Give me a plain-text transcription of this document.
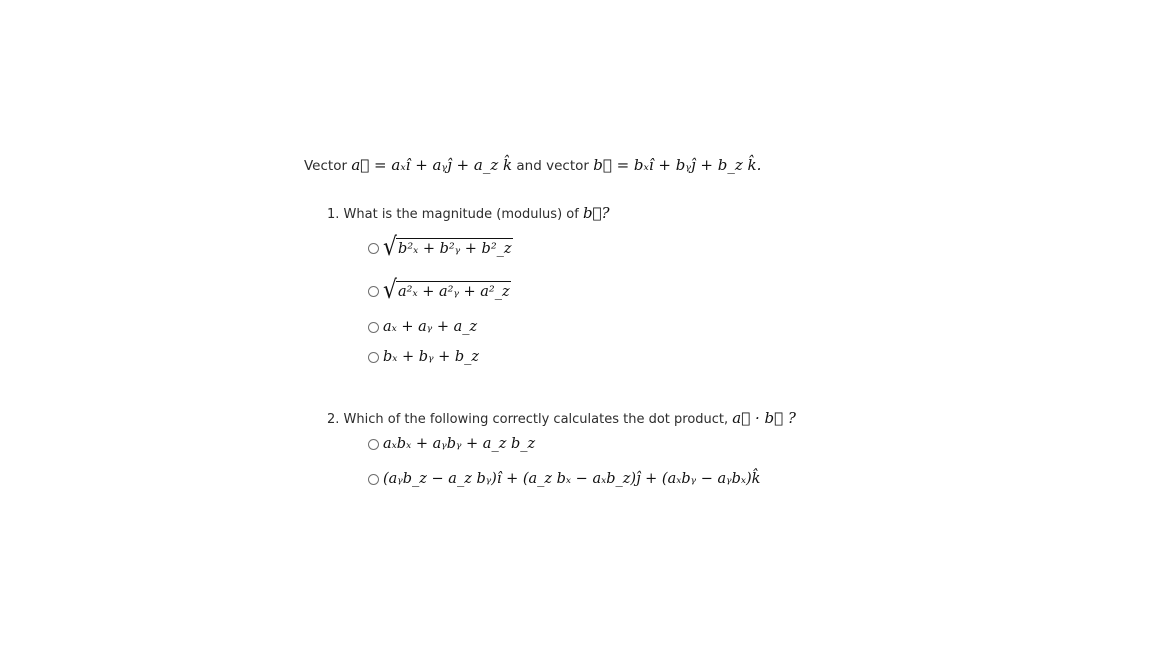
Vector a⃗ = aₓî + aᵧĵ + a_z k̂ and vector b⃗ = bₓî + bᵧĵ + b_z k̂.
1. What is the magnitude (modulus) of b⃗?
√ b²ₓ + b²ᵧ + b²_z
√ a²ₓ + a²ᵧ + a²_z
aₓ + aᵧ + a_z
bₓ + bᵧ + b_z
2. Which of the following correctly calculates the dot product, a⃗ · b⃗ ?
aₓbₓ + aᵧbᵧ + a_z b_z
(aᵧb_z − a_z bᵧ)î + (a_z bₓ − aₓb_z)ĵ + (aₓbᵧ − aᵧbₓ)k̂
